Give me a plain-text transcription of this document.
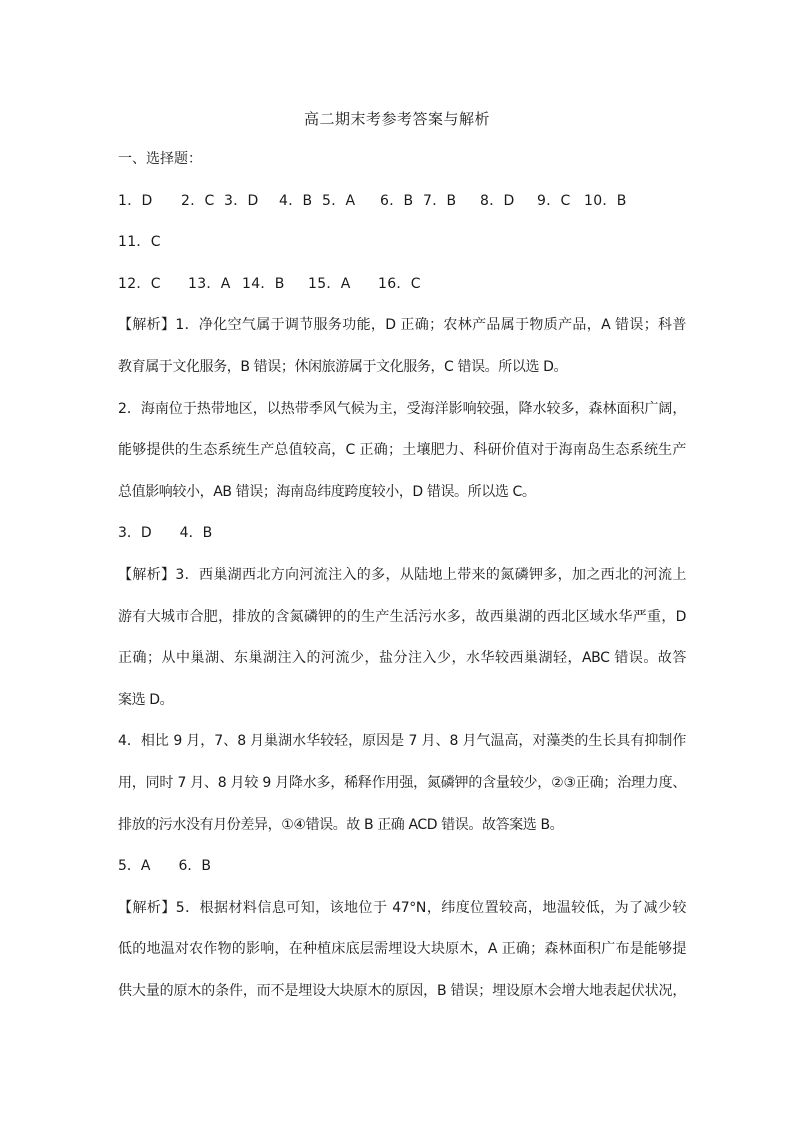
高二期末考参考答案与解析
一、选择题：
1．D 2．C 3．D 4．B 5．A 6．B 7．B 8．D 9．C 10．B
11．C
12．C 13．A 14．B 15．A 16．C
【解析】1．净化空气属于调节服务功能，D 正确；农林产品属于物质产品，A 错误；科普
教育属于文化服务，B 错误；休闲旅游属于文化服务，C 错误。所以选 D。
2．海南位于热带地区，以热带季风气候为主，受海洋影响较强，降水较多，森林面积广阔，
能够提供的生态系统生产总值较高，C 正确；土壤肥力、科研价值对于海南岛生态系统生产
总值影响较小，AB 错误；海南岛纬度跨度较小，D 错误。所以选 C。
3．D　　4．B
【解析】3．西巢湖西北方向河流注入的多，从陆地上带来的氮磷钾多，加之西北的河流上
游有大城市合肥，排放的含氮磷钾的的生产生活污水多，故西巢湖的西北区域水华严重，D
正确；从中巢湖、东巢湖注入的河流少，盐分注入少，水华较西巢湖轻，ABC 错误。故答
案选 D。
4．相比 9 月，7、8 月巢湖水华较轻，原因是 7 月、8 月气温高，对藻类的生长具有抑制作
用，同时 7 月、8 月较 9 月降水多，稀释作用强，氮磷钾的含量较少，②③正确；治理力度、
排放的污水没有月份差异，①④错误。故 B 正确 ACD 错误。故答案选 B。
5．A　　6．B
【解析】5．根据材料信息可知，该地位于 47°N，纬度位置较高，地温较低，为了减少较
低的地温对农作物的影响，在种植床底层需埋设大块原木，A 正确；森林面积广布是能够提
供大量的原木的条件，而不是埋设大块原木的原因，B 错误；埋设原木会增大地表起伏状况，
